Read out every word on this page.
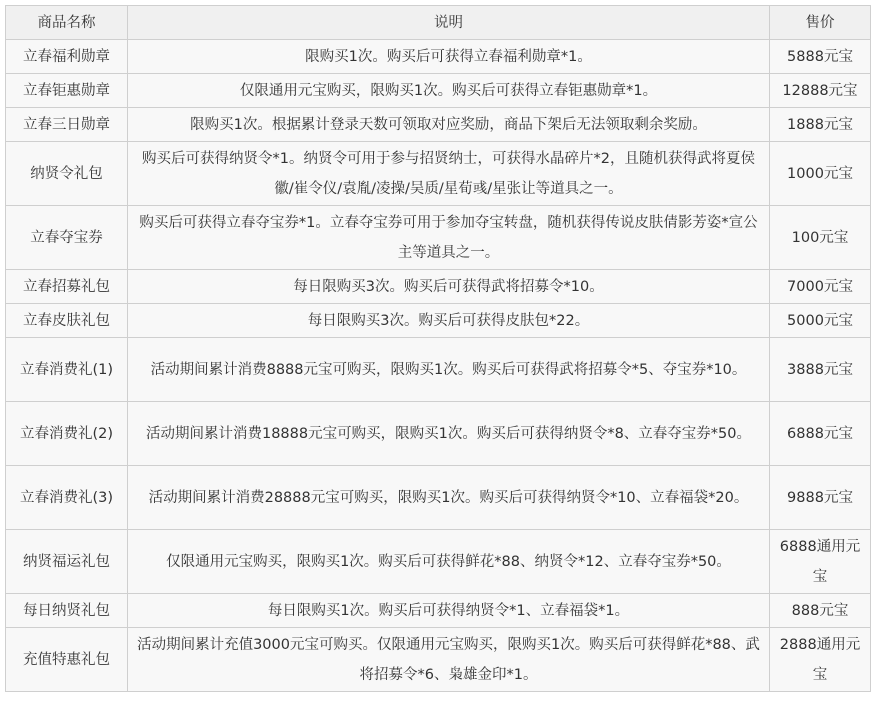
商品名称	说明	售价
立春福利勋章	限购买1次。购买后可获得立春福利勋章*1。	5888元宝
立春钜惠勋章	仅限通用元宝购买，限购买1次。购买后可获得立春钜惠勋章*1。	12888元宝
立春三日勋章	限购买1次。根据累计登录天数可领取对应奖励，商品下架后无法领取剩余奖励。	1888元宝
纳贤令礼包	购买后可获得纳贤令*1。纳贤令可用于参与招贤纳士，可获得水晶碎片*2，且随机获得武将夏侯徽/崔令仪/袁胤/凌操/吴质/星荀彧/星张让等道具之一。	1000元宝
立春夺宝券	购买后可获得立春夺宝券*1。立春夺宝券可用于参加夺宝转盘，随机获得传说皮肤倩影芳姿*宣公主等道具之一。	100元宝
立春招募礼包	每日限购买3次。购买后可获得武将招募令*10。	7000元宝
立春皮肤礼包	每日限购买3次。购买后可获得皮肤包*22。	5000元宝
立春消费礼(1)	活动期间累计消费8888元宝可购买，限购买1次。购买后可获得武将招募令*5、夺宝券*10。	3888元宝
立春消费礼(2)	活动期间累计消费18888元宝可购买，限购买1次。购买后可获得纳贤令*8、立春夺宝券*50。	6888元宝
立春消费礼(3)	活动期间累计消费28888元宝可购买，限购买1次。购买后可获得纳贤令*10、立春福袋*20。	9888元宝
纳贤福运礼包	仅限通用元宝购买，限购买1次。购买后可获得鲜花*88、纳贤令*12、立春夺宝券*50。	6888通用元宝
每日纳贤礼包	每日限购买1次。购买后可获得纳贤令*1、立春福袋*1。	888元宝
充值特惠礼包	活动期间累计充值3000元宝可购买。仅限通用元宝购买，限购买1次。购买后可获得鲜花*88、武将招募令*6、枭雄金印*1。	2888通用元宝
